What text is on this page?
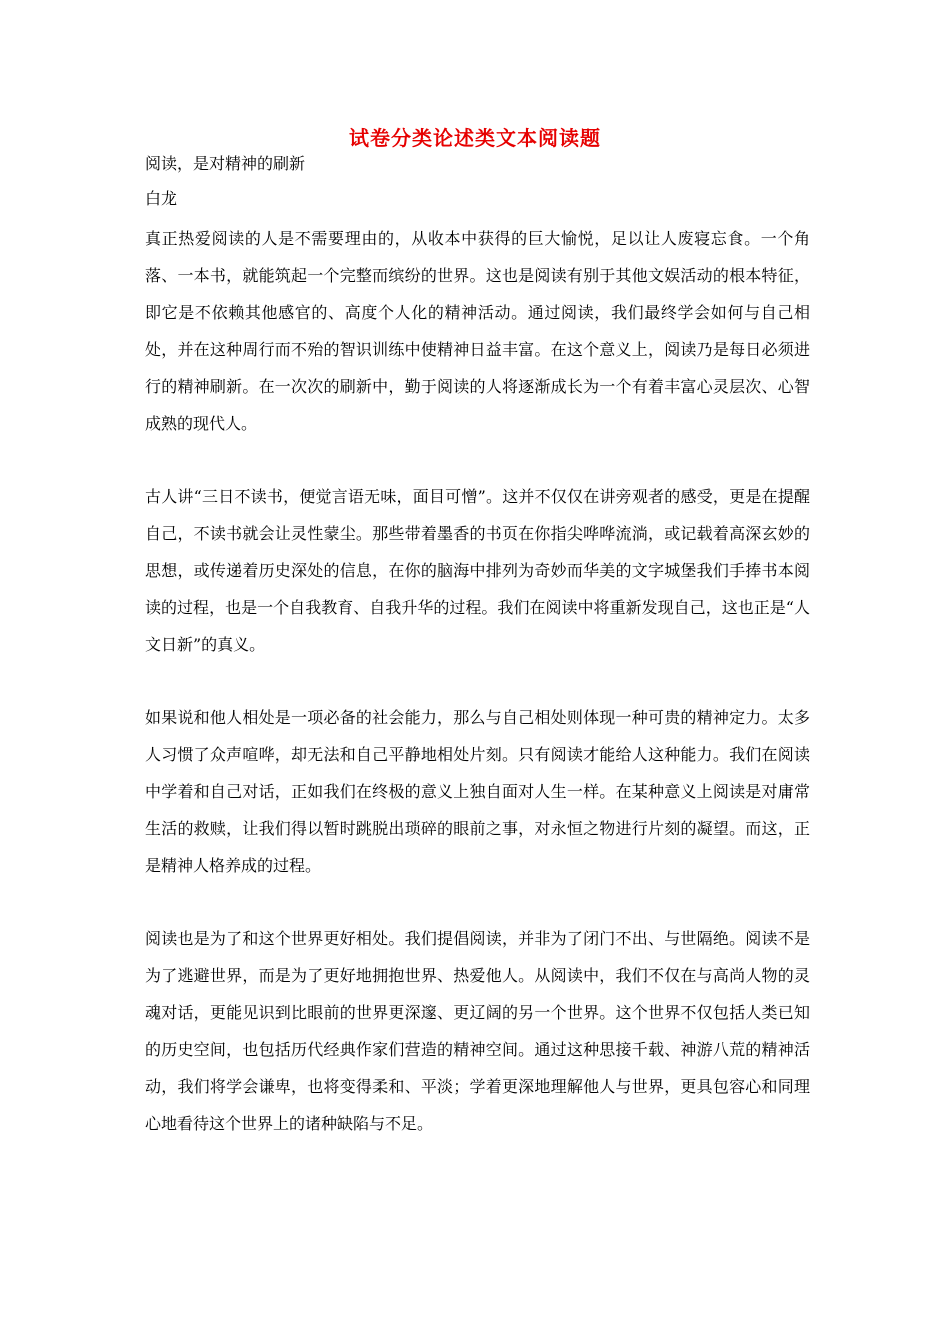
试卷分类论述类文本阅读题

阅读，是对精神的刷新

白龙

真正热爱阅读的人是不需要理由的，从收本中获得的巨大愉悦，足以让人废寝忘食。一个角落、一本书，就能筑起一个完整而缤纷的世界。这也是阅读有别于其他文娱活动的根本特征，即它是不依赖其他感官的、高度个人化的精神活动。通过阅读，我们最终学会如何与自己相处，并在这种周行而不殆的智识训练中使精神日益丰富。在这个意义上，阅读乃是每日必须进行的精神刷新。在一次次的刷新中，勤于阅读的人将逐渐成长为一个有着丰富心灵层次、心智成熟的现代人。

古人讲“三日不读书，便觉言语无味，面目可憎”。这并不仅仅在讲旁观者的感受，更是在提醒自己，不读书就会让灵性蒙尘。那些带着墨香的书页在你指尖哗哗流淌，或记载着高深玄妙的思想，或传递着历史深处的信息，在你的脑海中排列为奇妙而华美的文字城堡我们手捧书本阅读的过程，也是一个自我教育、自我升华的过程。我们在阅读中将重新发现自己，这也正是“人文日新”的真义。

如果说和他人相处是一项必备的社会能力，那么与自己相处则体现一种可贵的精神定力。太多人习惯了众声喧哗，却无法和自己平静地相处片刻。只有阅读才能给人这种能力。我们在阅读中学着和自己对话，正如我们在终极的意义上独自面对人生一样。在某种意义上阅读是对庸常生活的救赎，让我们得以暂时跳脱出琐碎的眼前之事，对永恒之物进行片刻的凝望。而这，正是精神人格养成的过程。

阅读也是为了和这个世界更好相处。我们提倡阅读，并非为了闭门不出、与世隔绝。阅读不是为了逃避世界，而是为了更好地拥抱世界、热爱他人。从阅读中，我们不仅在与高尚人物的灵魂对话，更能见识到比眼前的世界更深邃、更辽阔的另一个世界。这个世界不仅包括人类已知的历史空间，也包括历代经典作家们营造的精神空间。通过这种思接千载、神游八荒的精神活动，我们将学会谦卑，也将变得柔和、平淡；学着更深地理解他人与世界，更具包容心和同理心地看待这个世界上的诸种缺陷与不足。
